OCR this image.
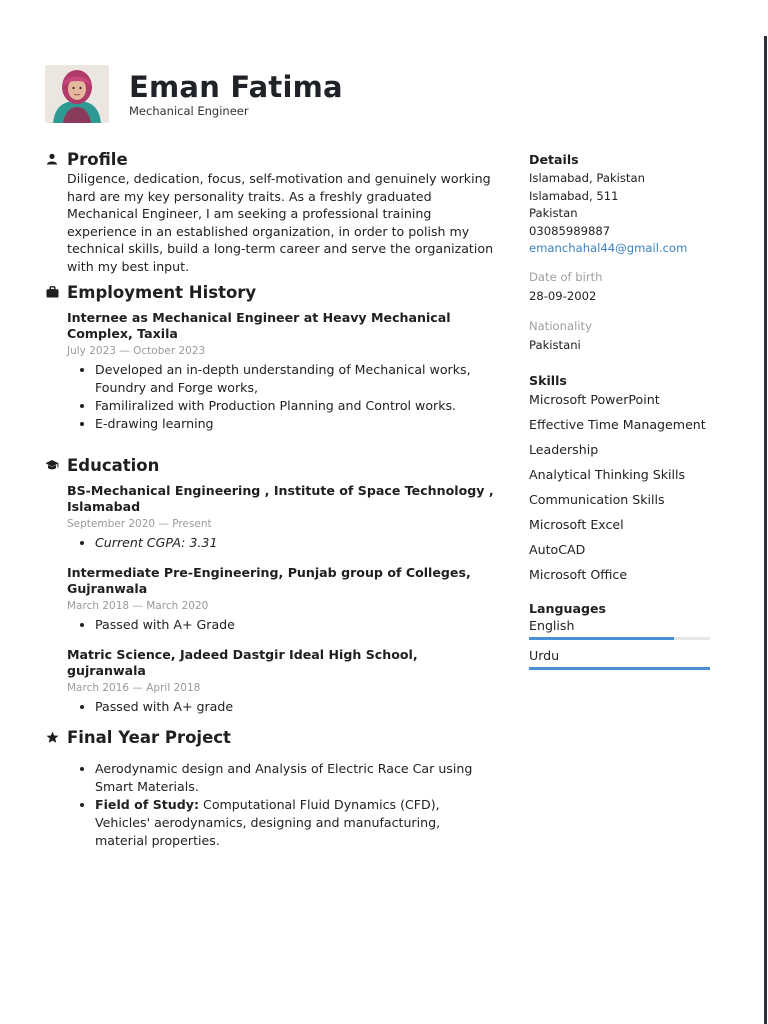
Eman Fatima
Mechanical Engineer
Profile

Diligence, dedication, focus, self-motivation and genuinely working hard are my key personality traits. As a freshly graduated Mechanical Engineer, I am seeking a professional training experience in an established organization, in order to polish my technical skills, build a long-term career and serve the organization with my best input.

Employment History
Internee as Mechanical Engineer at Heavy Mechanical Complex, Taxila
July 2023 — October 2023
• Developed an in-depth understanding of Mechanical works, Foundry and Forge works,
• Familiralized with Production Planning and Control works.
• E-drawing learning
Education
BS-Mechanical Engineering , Institute of Space Technology , Islamabad
September 2020 — Present
• Current CGPA: 3.31
Intermediate Pre-Engineering, Punjab group of Colleges, Gujranwala
March 2018 — March 2020
• Passed with A+ Grade
Matric Science, Jadeed Dastgir Ideal High School, gujranwala
March 2016 — April 2018
• Passed with A+ grade
Final Year Project
• Aerodynamic design and Analysis of Electric Race Car using Smart Materials.
• Field of Study: Computational Fluid Dynamics (CFD), Vehicles' aerodynamics, designing and manufacturing, material properties.
Details
Islamabad, Pakistan
Islamabad, 511
Pakistan
03085989887
emanchahal44@gmail.com
Date of birth
28-09-2002
Nationality
Pakistani
Skills
Microsoft PowerPoint
Effective Time Management
Leadership
Analytical Thinking Skills
Communication Skills
Microsoft Excel
AutoCAD
Microsoft Office
Languages
English
Urdu
